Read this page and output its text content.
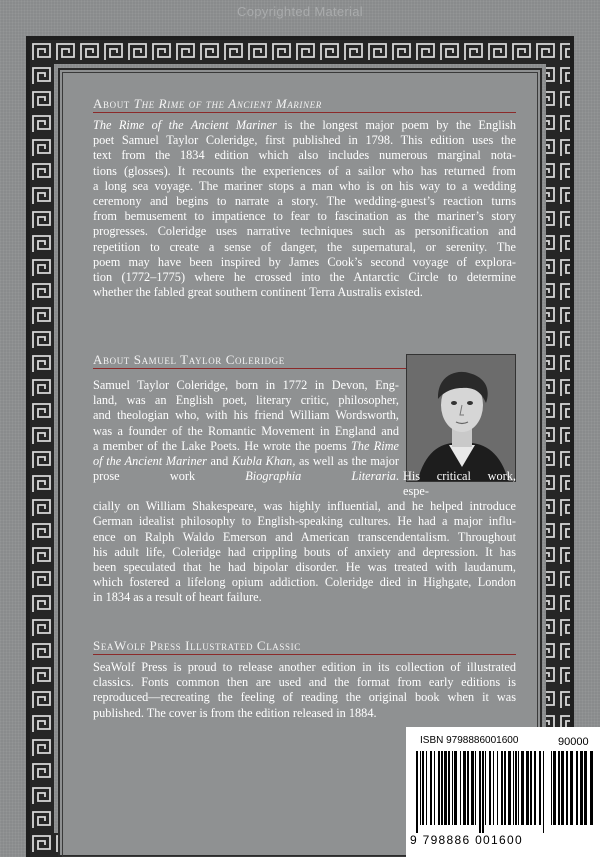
Copyrighted Material
About The Rime of the Ancient Mariner
The Rime of the Ancient Mariner is the longest major poem by the English
poet Samuel Taylor Coleridge, first published in 1798. This edition uses the
text from the 1834 edition which also includes numerous marginal nota-
tions (glosses). It recounts the experiences of a sailor who has returned from
a long sea voyage. The mariner stops a man who is on his way to a wedding
ceremony and begins to narrate a story. The wedding-guest’s reaction turns
from bemusement to impatience to fear to fascination as the mariner’s story
progresses. Coleridge uses narrative techniques such as personification and
repetition to create a sense of danger, the supernatural, or serenity. The
poem may have been inspired by James Cook’s second voyage of explora-
tion (1772–1775) where he crossed into the Antarctic Circle to determine
whether the fabled great southern continent Terra Australis existed.
About Samuel Taylor Coleridge
Samuel Taylor Coleridge, born in 1772 in Devon, Eng-
land, was an English poet, literary critic, philosopher,
and theologian who, with his friend William Wordsworth,
was a founder of the Romantic Movement in England and
a member of the Lake Poets. He wrote the poems The Rime
of the Ancient Mariner and Kubla Khan, as well as the major
prose work Biographia Literaria. His critical work, espe-
cially on William Shakespeare, was highly influential, and he helped introduce
German idealist philosophy to English-speaking cultures. He had a major influ-
ence on Ralph Waldo Emerson and American transcendentalism. Throughout
his adult life, Coleridge had crippling bouts of anxiety and depression. It has
been speculated that he had bipolar disorder. He was treated with laudanum,
which fostered a lifelong opium addiction. Coleridge died in Highgate, London
in 1834 as a result of heart failure.
SeaWolf Press Illustrated Classic
SeaWolf Press is proud to release another edition in its collection of illustrated
classics. Fonts common then are used and the format from early editions is
reproduced—recreating the feeling of reading the original book when it was
published. The cover is from the edition released in 1884.
ISBN 9798886001600	90000
9 798886 001600
